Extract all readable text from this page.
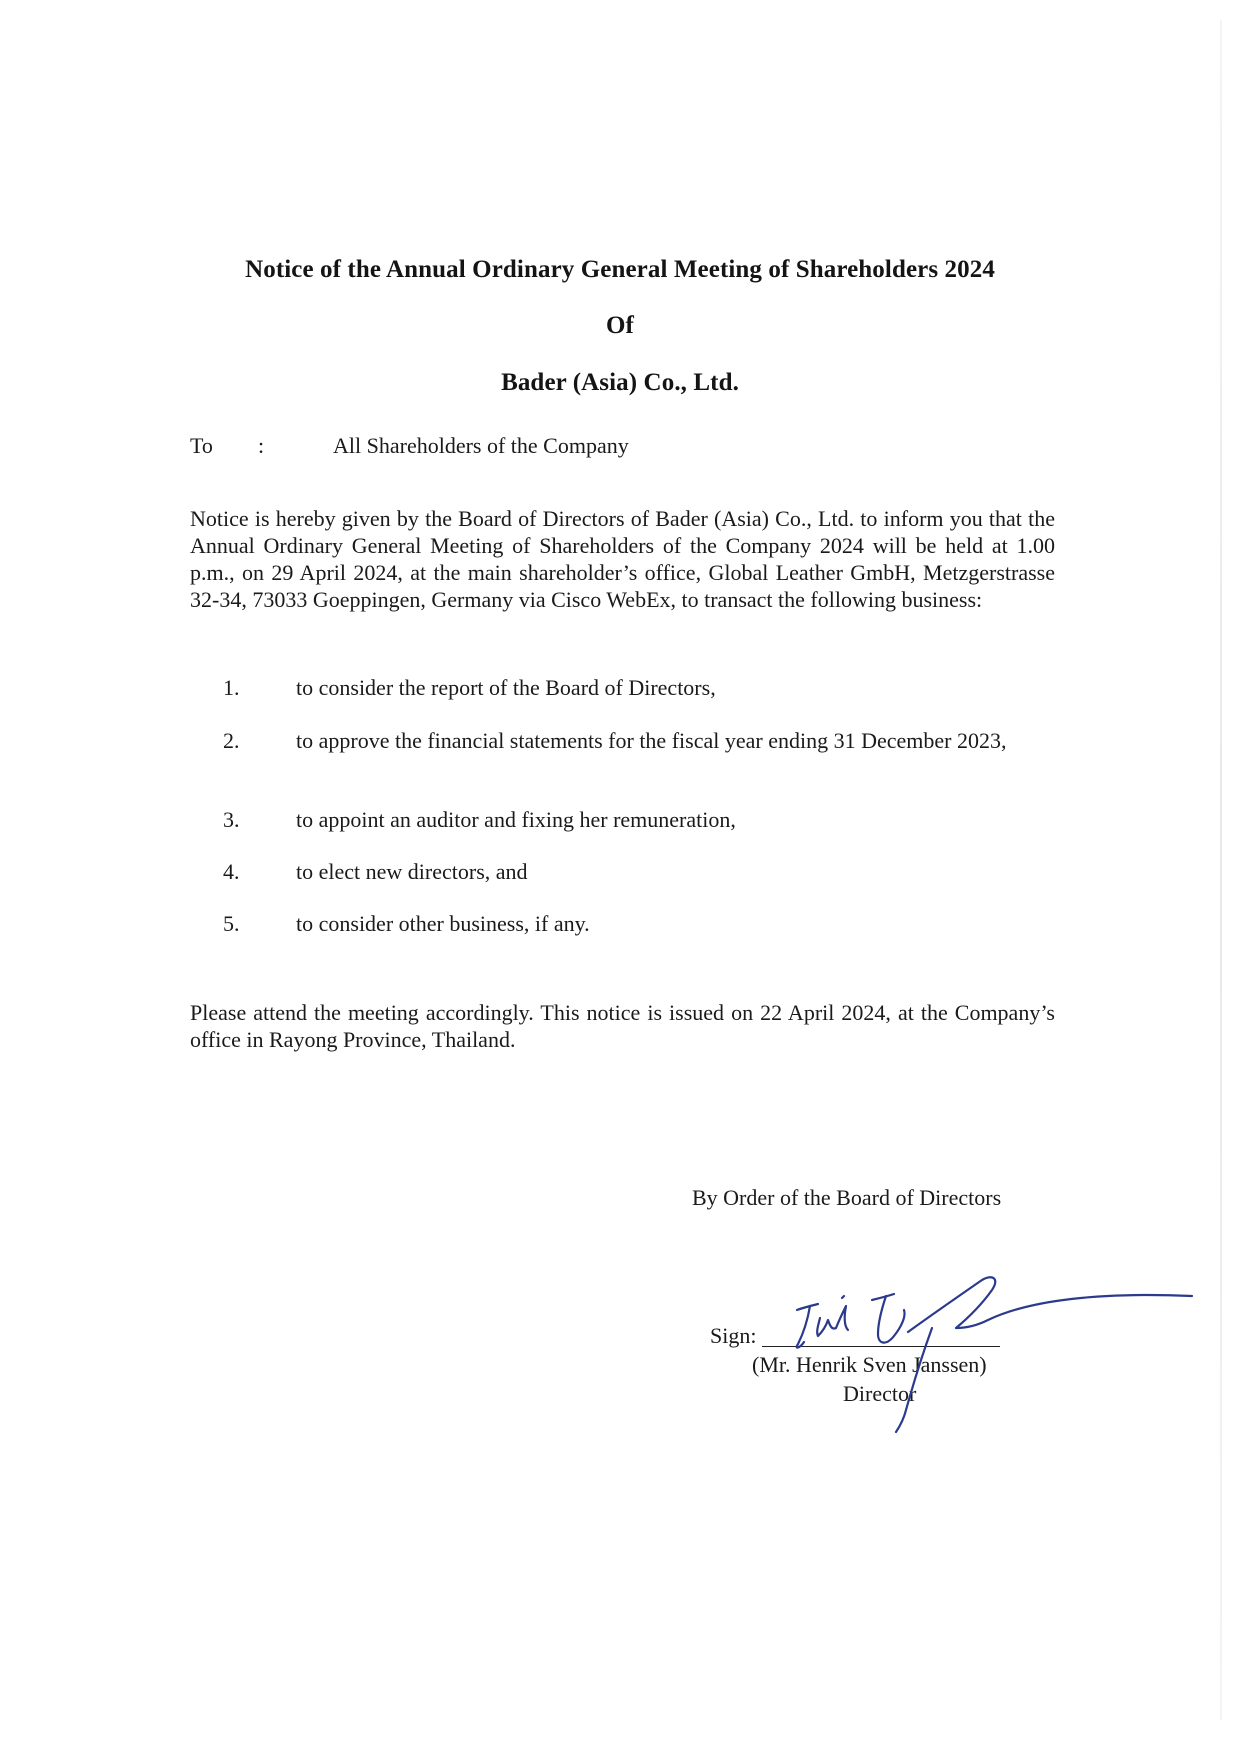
Notice of the Annual Ordinary General Meeting of Shareholders 2024
Of
Bader (Asia) Co., Ltd.
To	:	All Shareholders of the Company
Notice is hereby given by the Board of Directors of Bader (Asia) Co., Ltd. to inform you that the Annual Ordinary General Meeting of Shareholders of the Company 2024 will be held at 1.00 p.m., on 29 April 2024, at the main shareholder’s office, Global Leather GmbH, Metzgerstrasse 32-34, 73033 Goeppingen, Germany via Cisco WebEx, to transact the following business:
1.	to consider the report of the Board of Directors,
2.	to approve the financial statements for the fiscal year ending 31 December 2023,
3.	to appoint an auditor and fixing her remuneration,
4.	to elect new directors, and
5.	to consider other business, if any.
Please attend the meeting accordingly. This notice is issued on 22 April 2024, at the Company’s office in Rayong Province, Thailand.
By Order of the Board of Directors
Sign:
(Mr. Henrik Sven Janssen)
Director
